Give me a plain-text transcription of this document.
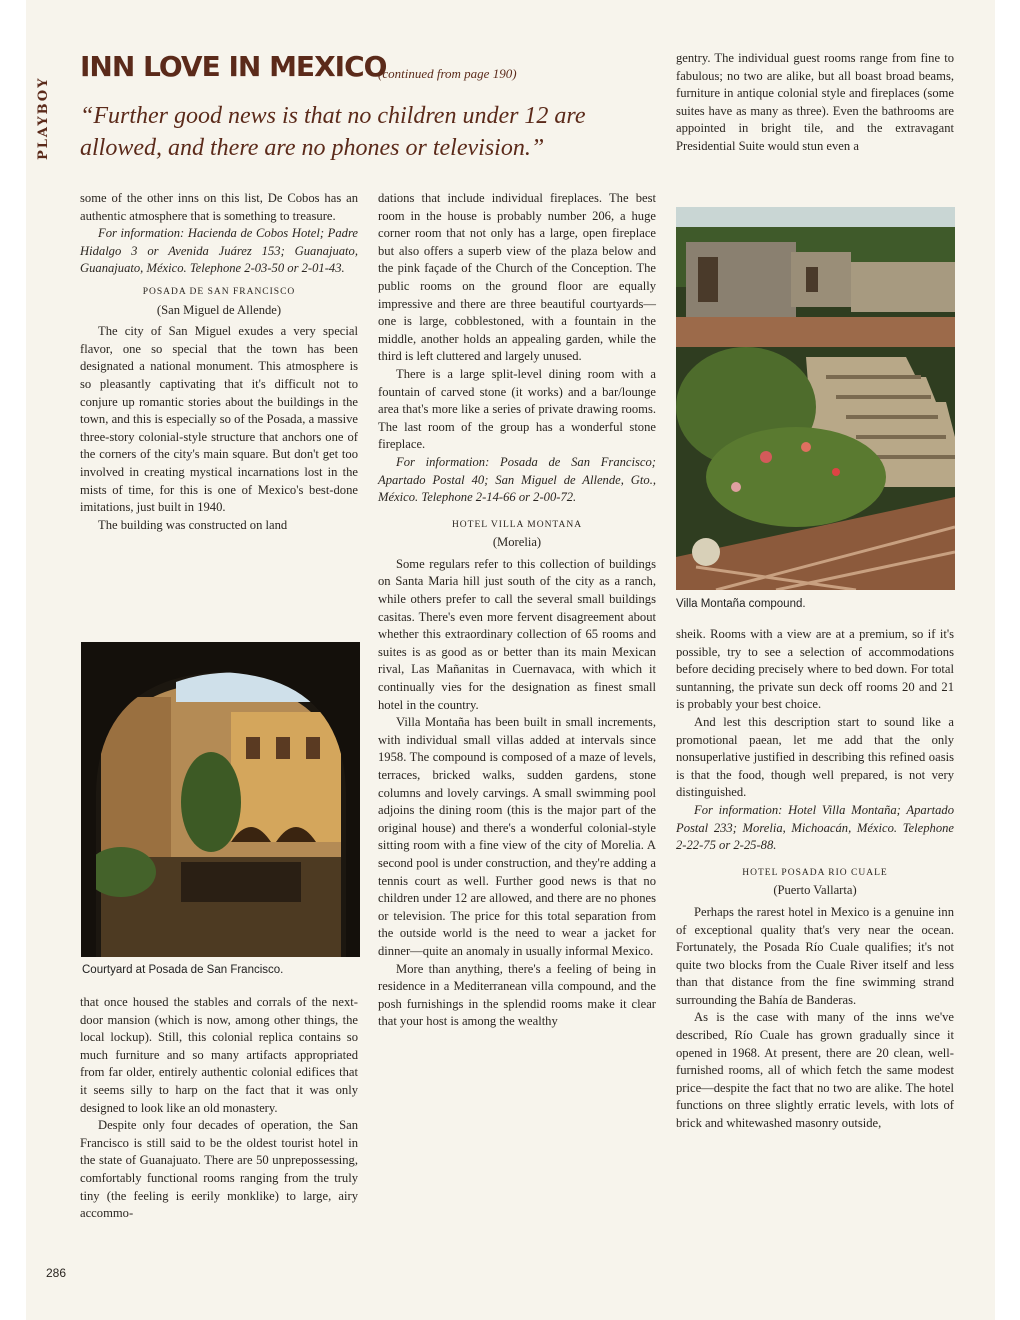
PLAYBOY
INN LOVE IN MEXICO
(continued from page 190)
“Further good news is that no children under 12 are allowed, and there are no phones or television.”

some of the other inns on this list, De Cobos has an authentic atmosphere that is something to treasure.

For information: Hacienda de Cobos Hotel; Padre Hidalgo 3 or Avenida Juárez 153; Guanajuato, Guanajuato, México. Telephone 2-03-50 or 2-01-43.

POSADA DE SAN FRANCISCO
(San Miguel de Allende)

The city of San Miguel exudes a very special flavor, one so special that the town has been designated a national monument. This atmosphere is so pleasantly captivating that it's difficult not to conjure up romantic stories about the buildings in the town, and this is especially so of the Posada, a massive three-story colonial-style structure that anchors one of the corners of the city's main square. But don't get too involved in creating mystical incarnations lost in the mists of time, for this is one of Mexico's best-done imitations, just built in 1940.

The building was constructed on land

Courtyard at Posada de San Francisco.

that once housed the stables and corrals of the next-door mansion (which is now, among other things, the local lockup). Still, this colonial replica contains so much furniture and so many artifacts appropriated from far older, entirely authentic colonial edifices that it seems silly to harp on the fact that it was only designed to look like an old monastery.

Despite only four decades of operation, the San Francisco is still said to be the oldest tourist hotel in the state of Guanajuato. There are 50 unprepossessing, comfortably functional rooms ranging from the truly tiny (the feeling is eerily monklike) to large, airy accommo-

dations that include individual fireplaces. The best room in the house is probably number 206, a huge corner room that not only has a large, open fireplace but also offers a superb view of the plaza below and the pink façade of the Church of the Conception. The public rooms on the ground floor are equally impressive and there are three beautiful courtyards—one is large, cobblestoned, with a fountain in the middle, another holds an appealing garden, while the third is left cluttered and largely unused.

There is a large split-level dining room with a fountain of carved stone (it works) and a bar/lounge area that's more like a series of private drawing rooms. The last room of the group has a wonderful stone fireplace.

For information: Posada de San Francisco; Apartado Postal 40; San Miguel de Allende, Gto., México. Telephone 2-14-66 or 2-00-72.

HOTEL VILLA MONTANA
(Morelia)

Some regulars refer to this collection of buildings on Santa Maria hill just south of the city as a ranch, while others prefer to call the several small buildings casitas. There's even more fervent disagreement about whether this extraordinary collection of 65 rooms and suites is as good as or better than its main Mexican rival, Las Mañanitas in Cuernavaca, with which it continually vies for the designation as finest small hotel in the country.

Villa Montaña has been built in small increments, with individual small villas added at intervals since 1958. The compound is composed of a maze of levels, terraces, bricked walks, sudden gardens, stone columns and lovely carvings. A small swimming pool adjoins the dining room (this is the major part of the original house) and there's a wonderful colonial-style sitting room with a fine view of the city of Morelia. A second pool is under construction, and they're adding a tennis court as well. Further good news is that no children under 12 are allowed, and there are no phones or television. The price for this total separation from the outside world is the need to wear a jacket for dinner—quite an anomaly in usually informal Mexico.

More than anything, there's a feeling of being in residence in a Mediterranean villa compound, and the posh furnishings in the splendid rooms make it clear that your host is among the wealthy

gentry. The individual guest rooms range from fine to fabulous; no two are alike, but all boast broad beams, furniture in antique colonial style and fireplaces (some suites have as many as three). Even the bathrooms are appointed in bright tile, and the extravagant Presidential Suite would stun even a

Villa Montaña compound.

sheik. Rooms with a view are at a premium, so if it's possible, try to see a selection of accommodations before deciding precisely where to bed down. For total suntanning, the private sun deck off rooms 20 and 21 is probably your best choice.

And lest this description start to sound like a promotional paean, let me add that the only nonsuperlative justified in describing this refined oasis is that the food, though well prepared, is not very distinguished.

For information: Hotel Villa Montaña; Apartado Postal 233; Morelia, Michoacán, México. Telephone 2-22-75 or 2-25-88.

HOTEL POSADA RIO CUALE
(Puerto Vallarta)

Perhaps the rarest hotel in Mexico is a genuine inn of exceptional quality that's very near the ocean. Fortunately, the Posada Río Cuale qualifies; it's not quite two blocks from the Cuale River itself and less than that distance from the fine swimming strand surrounding the Bahía de Banderas.

As is the case with many of the inns we've described, Río Cuale has grown gradually since it opened in 1968. At present, there are 20 clean, well-furnished rooms, all of which fetch the same modest price—despite the fact that no two are alike. The hotel functions on three slightly erratic levels, with lots of brick and whitewashed masonry outside,

286
